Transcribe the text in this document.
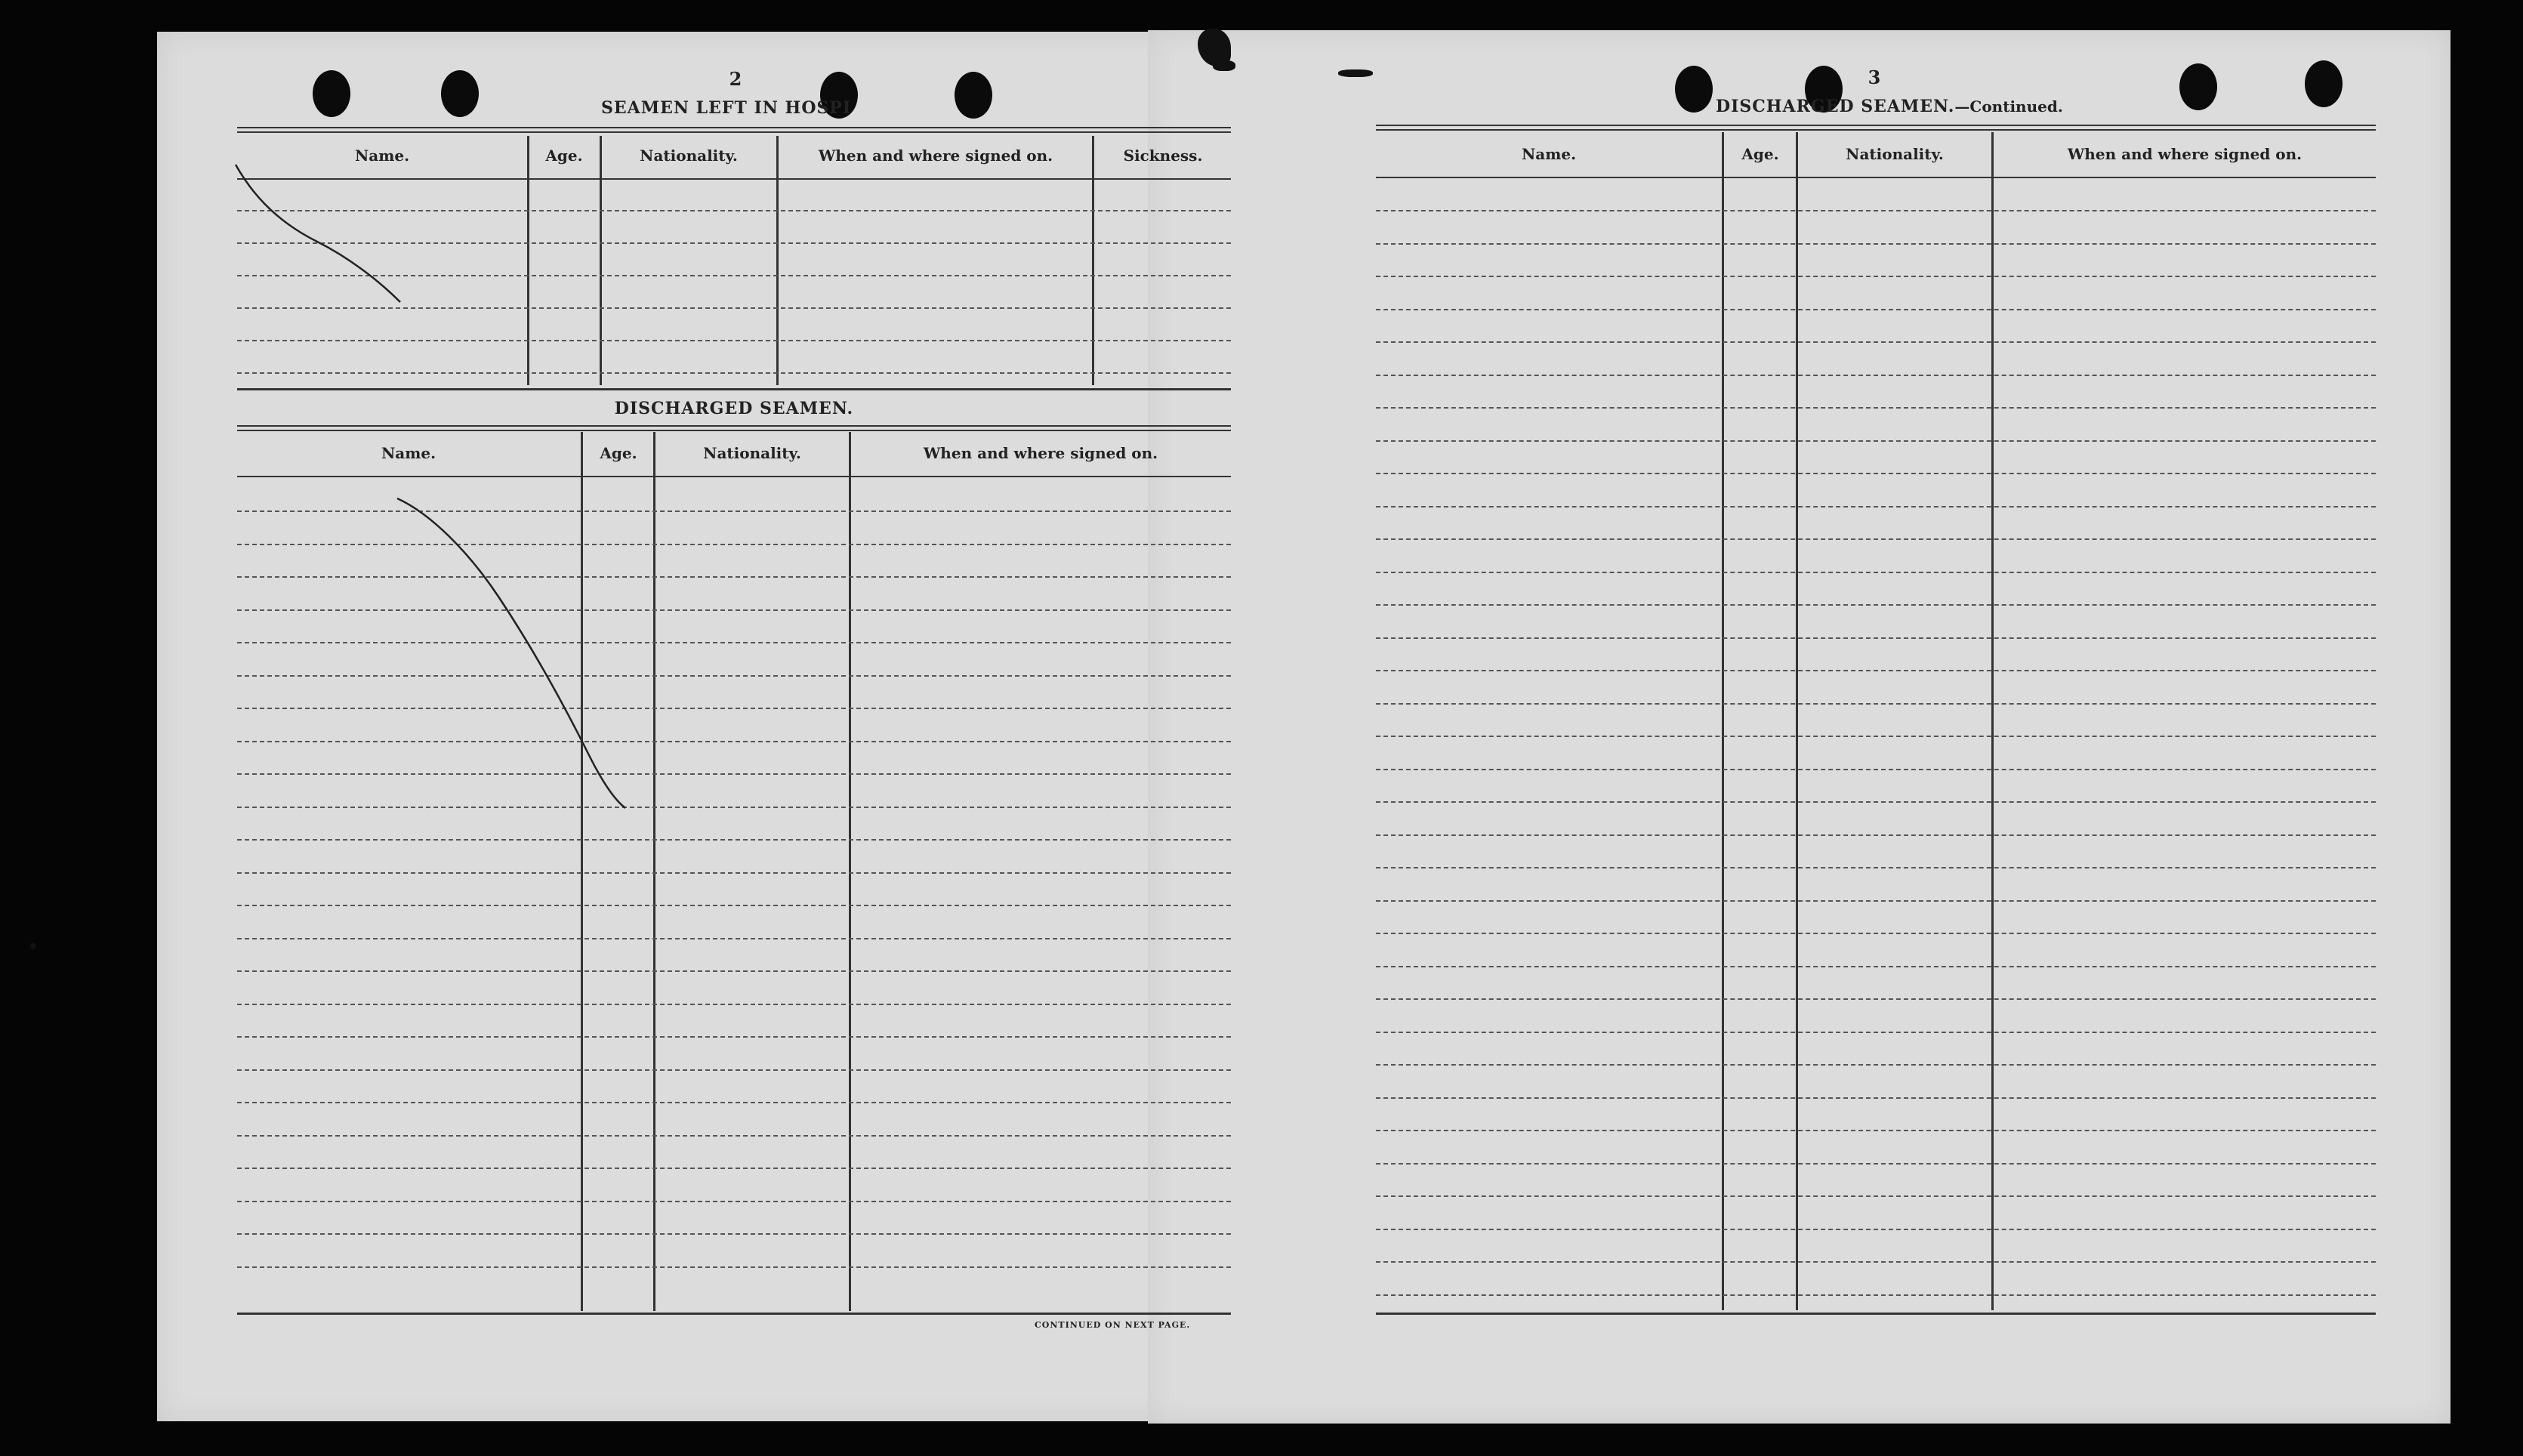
2
SEAMEN LEFT IN HOSPI
Name.	Age.	Nationality.	When and where signed on.	Sickness.
DISCHARGED SEAMEN.
Name.	Age.	Nationality.	When and where signed on.
CONTINUED ON NEXT PAGE.
3
DISCHARGED SEAMEN.—Continued.
Name.	Age.	Nationality.	When and where signed on.
